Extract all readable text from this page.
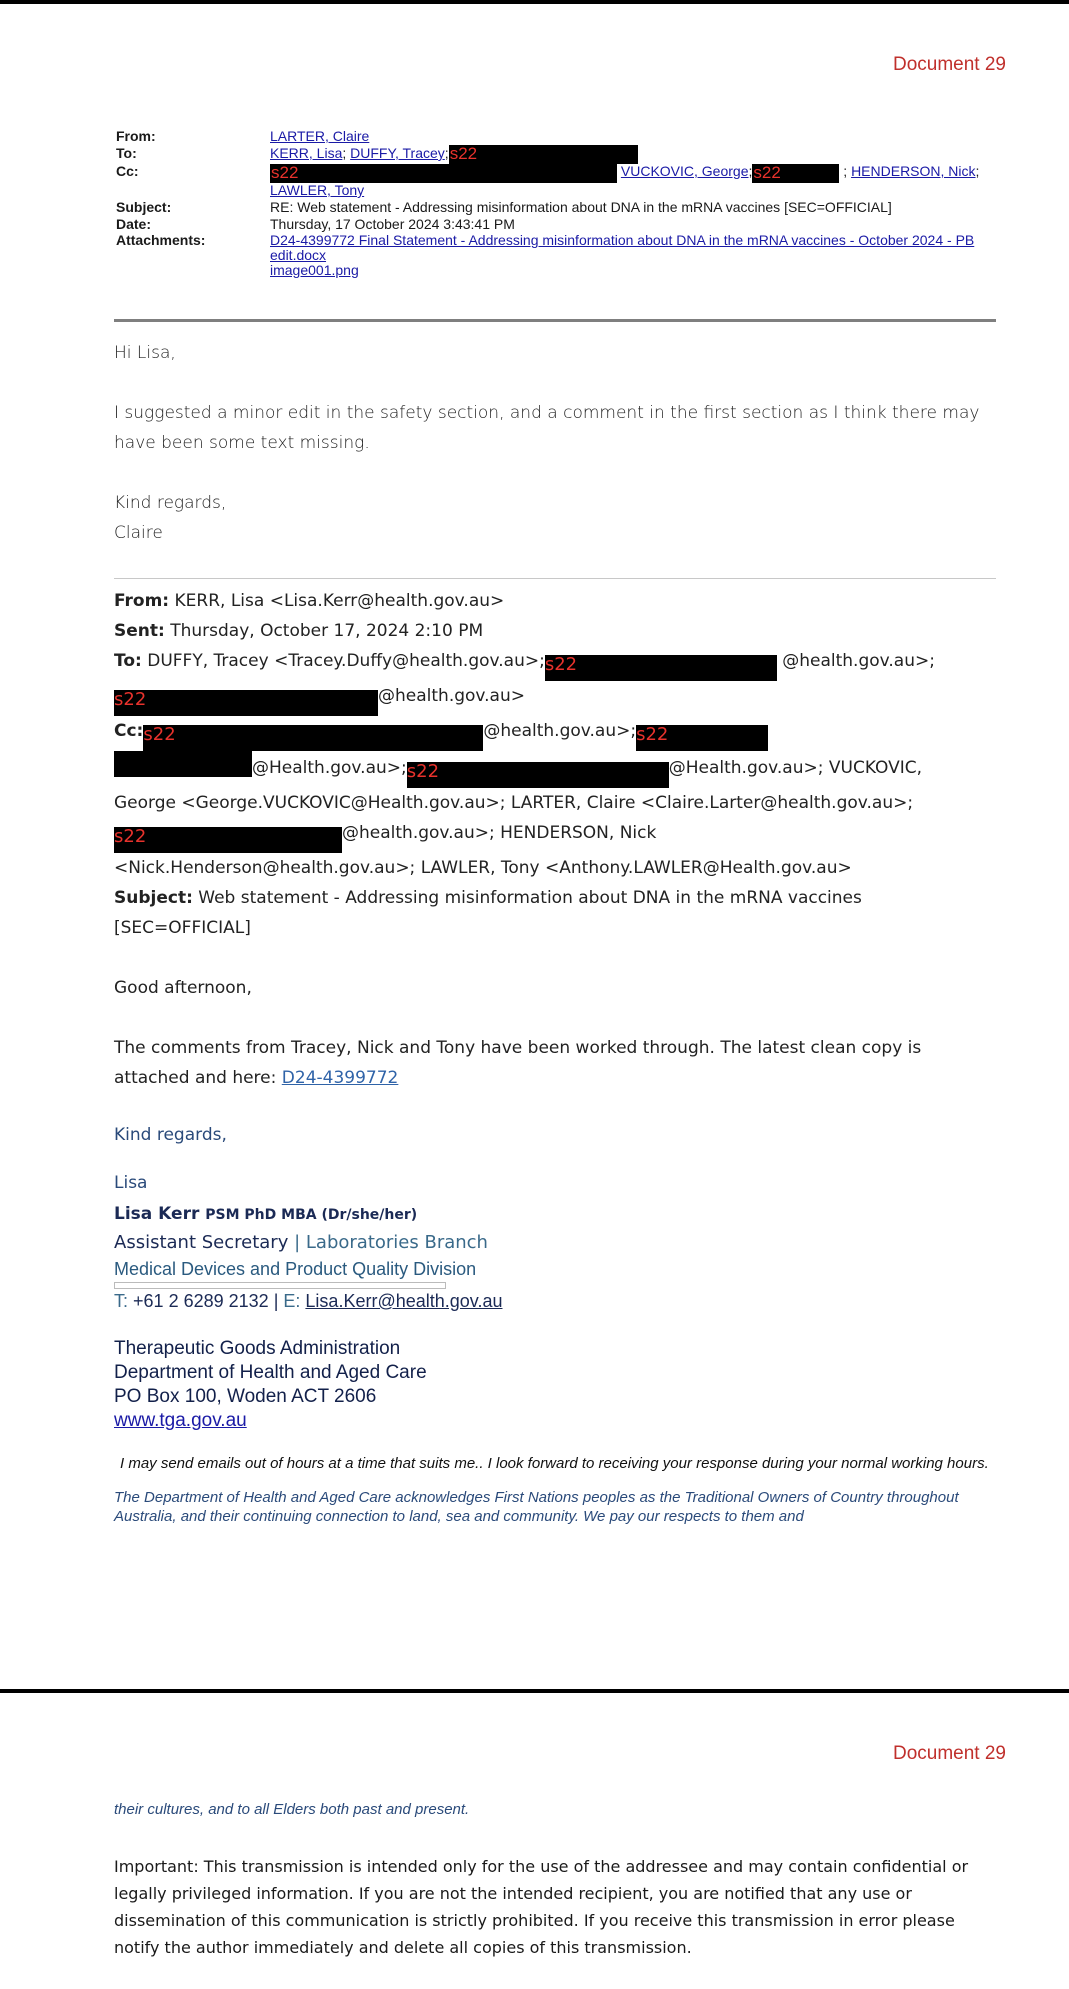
Document 29
From:	LARTER, Claire
To:	KERR, Lisa; DUFFY, Tracey;s22
Cc:	s22	VUCKOVIC, George;s22	; HENDERSON, Nick;
LAWLER, Tony
Subject:	RE: Web statement - Addressing misinformation about DNA in the mRNA vaccines [SEC=OFFICIAL]
Date:	Thursday, 17 October 2024 3:43:41 PM
Attachments:	D24-4399772 Final Statement - Addressing misinformation about DNA in the mRNA vaccines - October 2024 - PB edit.docx
image001.png

Hi Lisa,

I suggested a minor edit in the safety section, and a comment in the first section as I think there may have been some text missing.

Kind regards,

Claire

From: KERR, Lisa <Lisa.Kerr@health.gov.au>
Sent: Thursday, October 17, 2024 2:10 PM
To: DUFFY, Tracey <Tracey.Duffy@health.gov.au>;s22	@health.gov.au>;
s22	@health.gov.au>
Cc:s22	@health.gov.au>;s22
@Health.gov.au>;s22	@Health.gov.au>; VUCKOVIC,
George <George.VUCKOVIC@Health.gov.au>; LARTER, Claire <Claire.Larter@health.gov.au>;
s22	@health.gov.au>; HENDERSON, Nick
<Nick.Henderson@health.gov.au>; LAWLER, Tony <Anthony.LAWLER@Health.gov.au>
Subject: Web statement - Addressing misinformation about DNA in the mRNA vaccines [SEC=OFFICIAL]
Good afternoon,
The comments from Tracey, Nick and Tony have been worked through. The latest clean copy is attached and here: D24-4399772
Kind regards,
Lisa
Lisa Kerr PSM PhD MBA (Dr/she/her)
Assistant Secretary | Laboratories Branch
Medical Devices and Product Quality Division
T: +61 2 6289 2132 | E: Lisa.Kerr@health.gov.au
Therapeutic Goods Administration
Department of Health and Aged Care
PO Box 100, Woden ACT 2606
www.tga.gov.au
I may send emails out of hours at a time that suits me.. I look forward to receiving your response during your normal working hours.
The Department of Health and Aged Care acknowledges First Nations peoples as the Traditional Owners of Country throughout Australia, and their continuing connection to land, sea and community. We pay our respects to them and
Document 29
their cultures, and to all Elders both past and present.
Important: This transmission is intended only for the use of the addressee and may contain confidential or legally privileged information. If you are not the intended recipient, you are notified that any use or dissemination of this communication is strictly prohibited. If you receive this transmission in error please notify the author immediately and delete all copies of this transmission.
